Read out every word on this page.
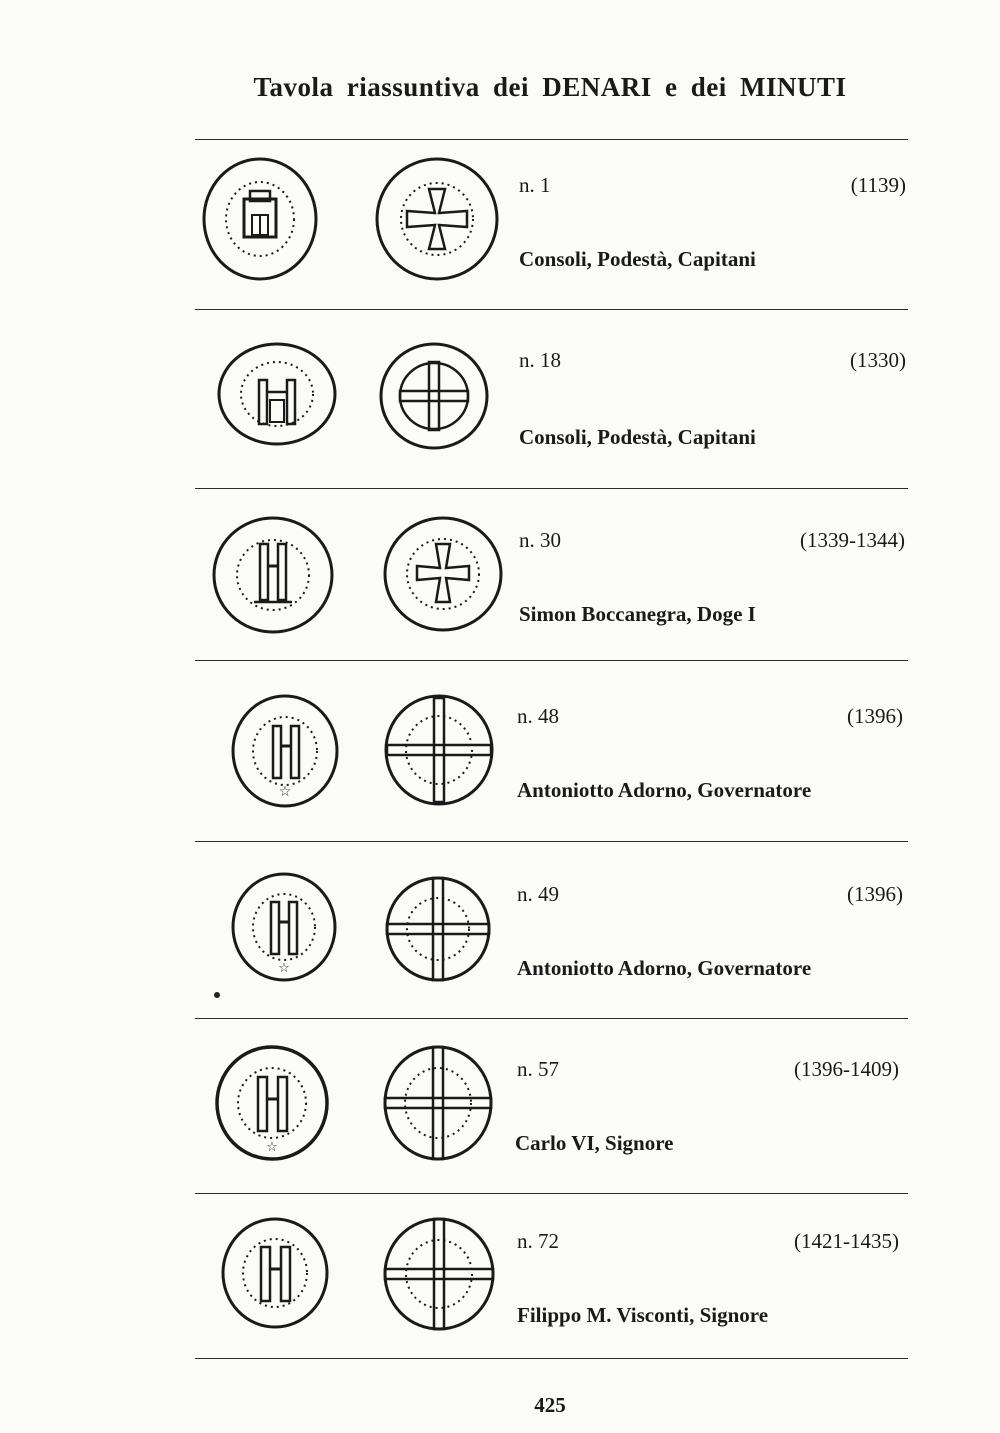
Tavola riassuntiva dei DENARI e dei MINUTI
n. 1	(1139)
Consoli, Podestà, Capitani
n. 18	(1330)
Consoli, Podestà, Capitani
n. 30	(1339-1344)
Simon Boccanegra, Doge I
☆
n. 48	(1396)
Antoniotto Adorno, Governatore
☆
n. 49	(1396)
Antoniotto Adorno, Governatore
☆
n. 57	(1396-1409)
Carlo VI, Signore
n. 72	(1421-1435)
Filippo M. Visconti, Signore
425
